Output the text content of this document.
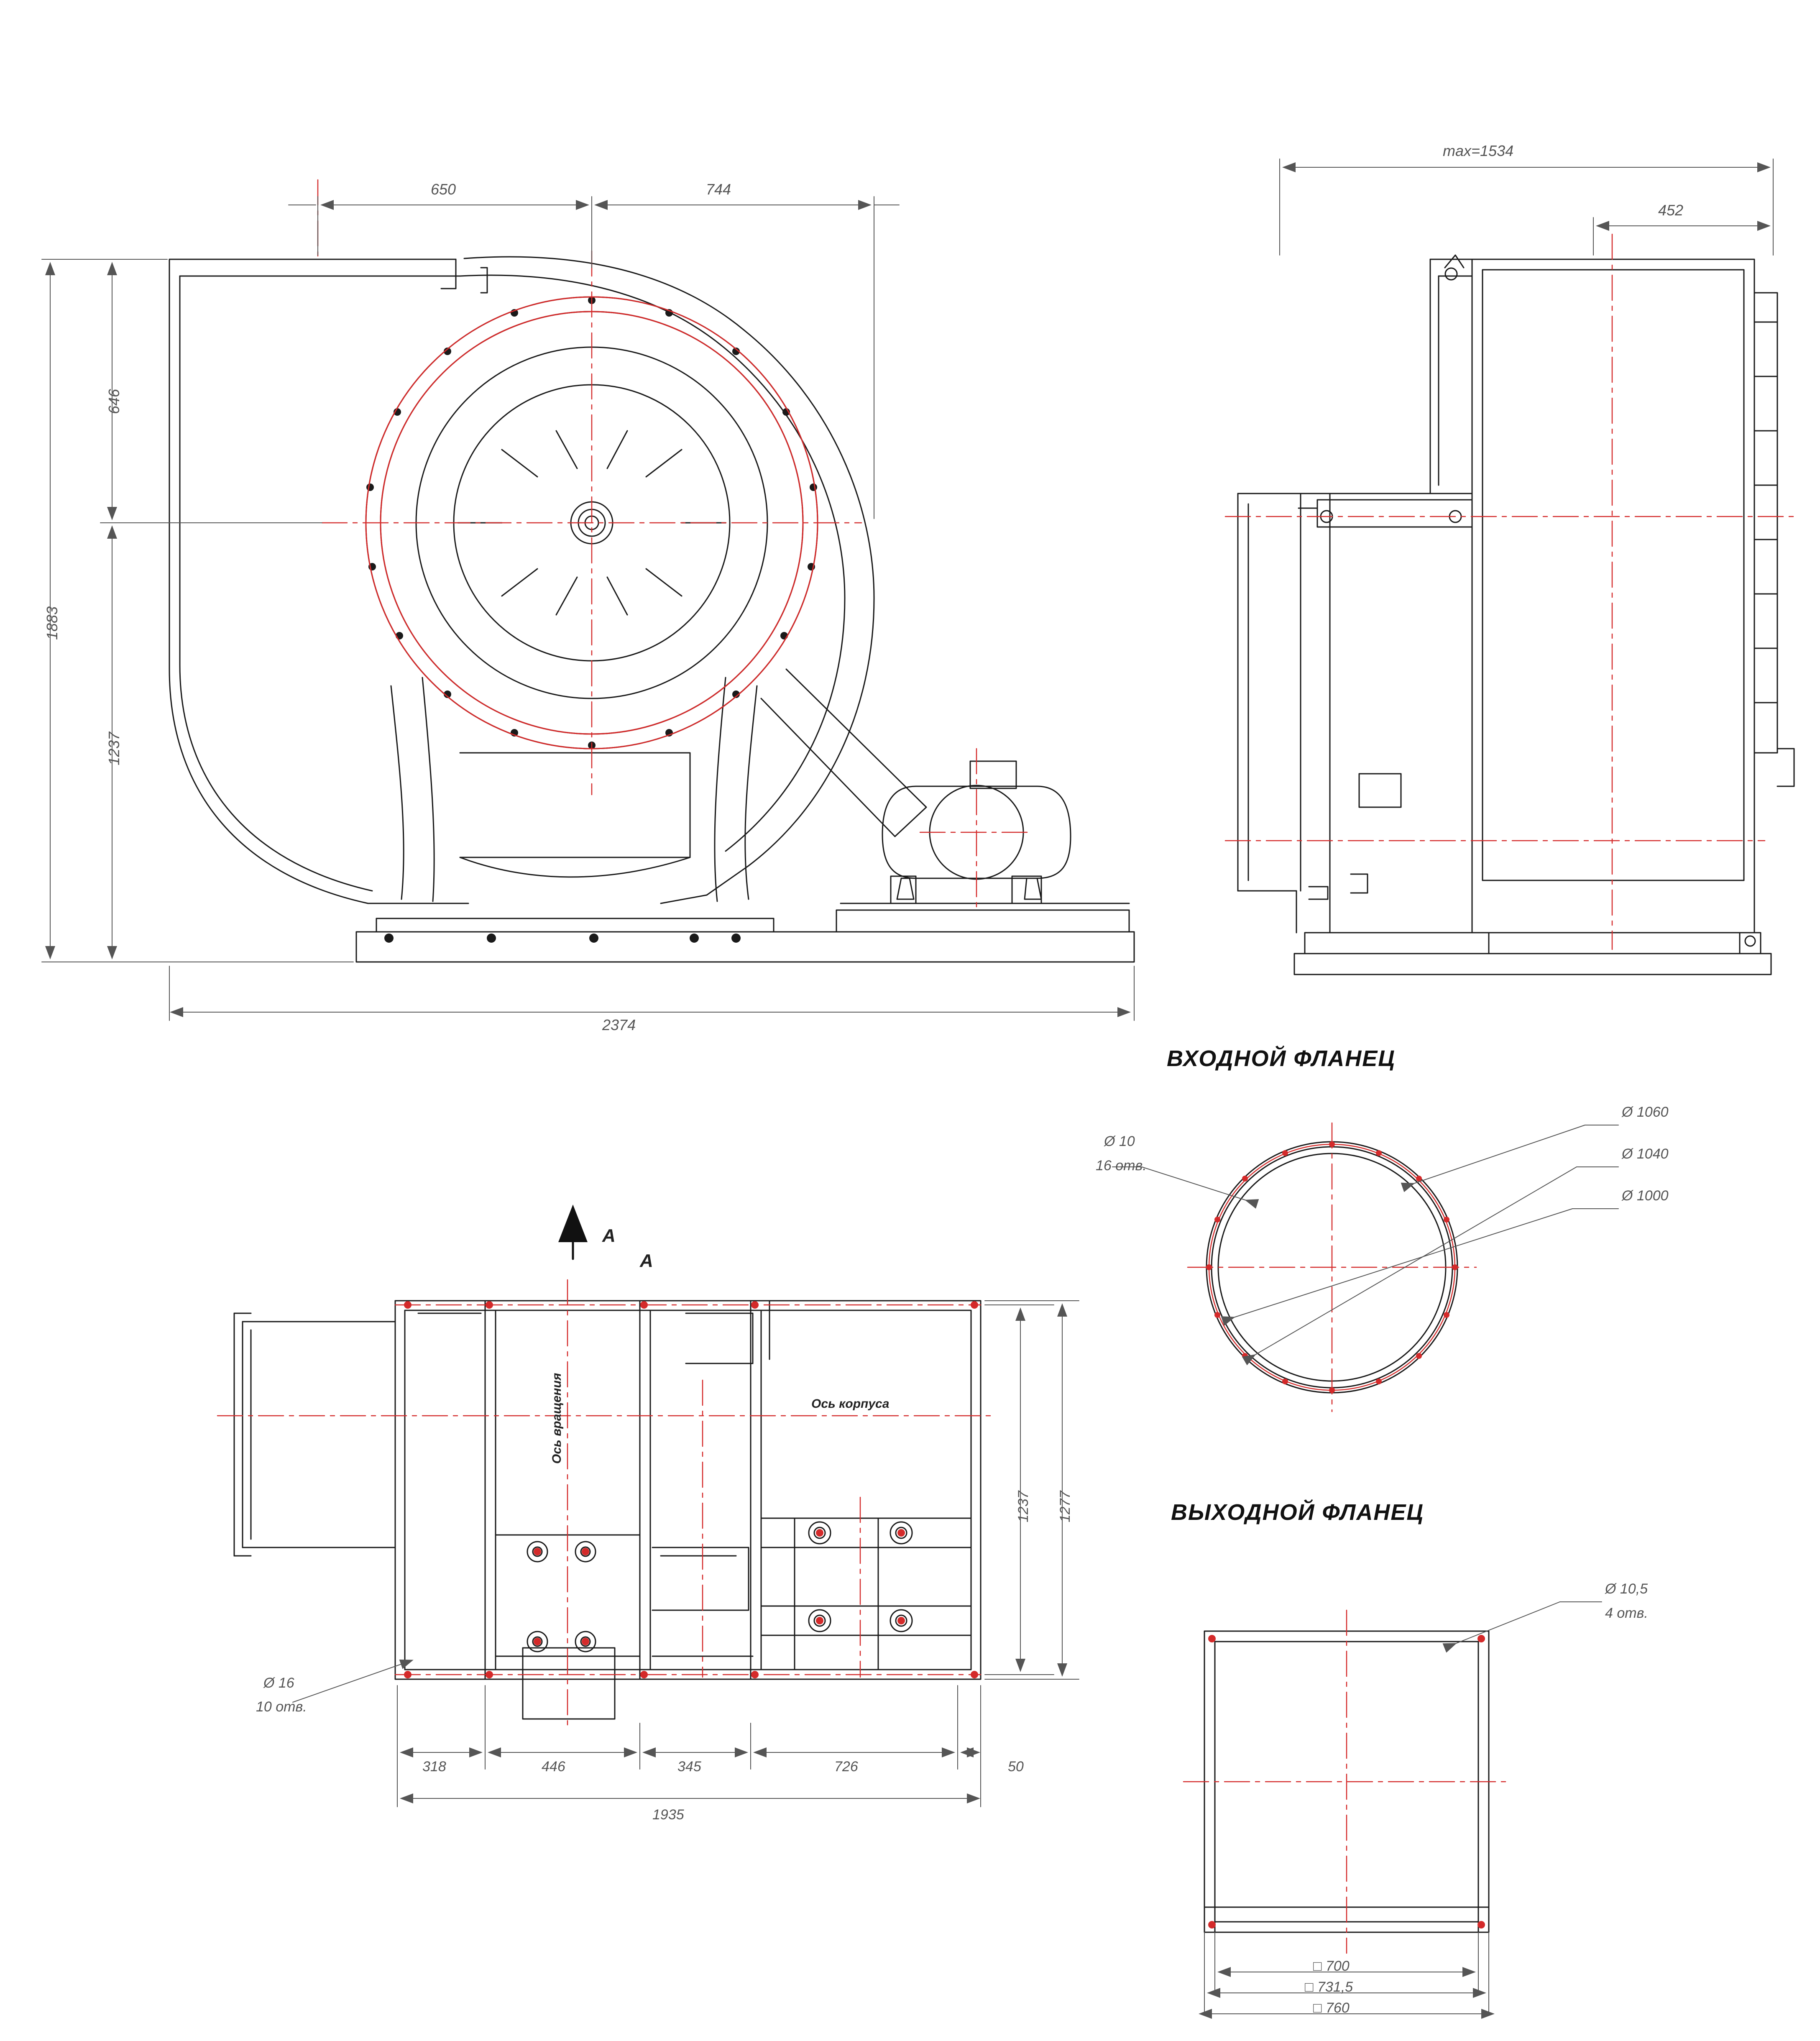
650	744
646
1237
1883
2374
max=1534
452
ВХОДНОЙ ФЛАНЕЦ
ВЫХОДНОЙ ФЛАНЕЦ
A
A
Ось вращения	Ось корпуса
1237 1277
318	446	345	726	50
1935
Ø 16
10 отв.
Ø 10
16 отв.
Ø 1060
Ø 1040
Ø 1000
Ø 10,5
4 отв.
□ 700
□ 731,5
□ 760
